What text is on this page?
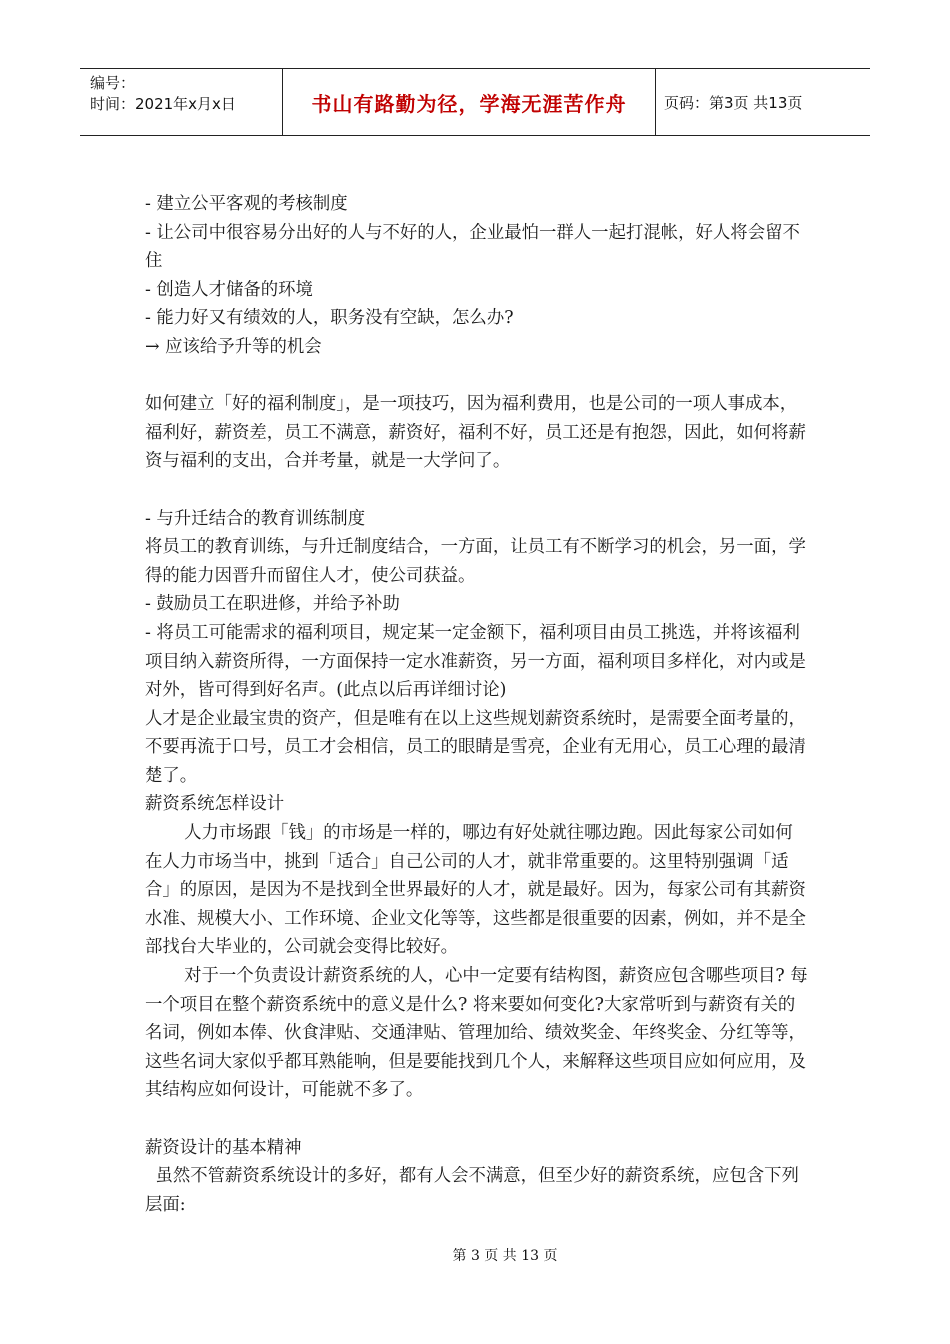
编号：
时间：2021年x月x日	书山有路勤为径，学海无涯苦作舟	页码：第3页 共13页

- 建立公平客观的考核制度

- 让公司中很容易分出好的人与不好的人，企业最怕一群人一起打混帐，好人将会留不住

- 创造人才储备的环境

- 能力好又有绩效的人，职务没有空缺，怎么办?

→ 应该给予升等的机会

如何建立「好的福利制度」，是一项技巧，因为福利费用，也是公司的一项人事成本，福利好，薪资差，员工不满意，薪资好，福利不好，员工还是有抱怨，因此，如何将薪资与福利的支出，合并考量，就是一大学问了。

- 与升迁结合的教育训练制度

将员工的教育训练，与升迁制度结合，一方面，让员工有不断学习的机会，另一面，学得的能力因晋升而留住人才，使公司获益。

- 鼓励员工在职进修，并给予补助

- 将员工可能需求的福利项目，规定某一定金额下，福利项目由员工挑选，并将该福利项目纳入薪资所得，一方面保持一定水准薪资，另一方面，福利项目多样化，对内或是对外，皆可得到好名声。(此点以后再详细讨论)

人才是企业最宝贵的资产，但是唯有在以上这些规划薪资系统时，是需要全面考量的，不要再流于口号，员工才会相信，员工的眼睛是雪亮，企业有无用心，员工心理的最清楚了。

薪资系统怎样设计

人力市场跟「钱」的市场是一样的，哪边有好处就往哪边跑。因此每家公司如何在人力市场当中，挑到「适合」自己公司的人才，就非常重要的。这里特别强调「适合」的原因，是因为不是找到全世界最好的人才，就是最好。因为，每家公司有其薪资水准、规模大小、工作环境、企业文化等等，这些都是很重要的因素，例如，并不是全部找台大毕业的，公司就会变得比较好。

对于一个负责设计薪资系统的人，心中一定要有结构图，薪资应包含哪些项目? 每一个项目在整个薪资系统中的意义是什么? 将来要如何变化?大家常听到与薪资有关的名词，例如本俸、伙食津贴、交通津贴、管理加给、绩效奖金、年终奖金、分红等等，这些名词大家似乎都耳熟能响，但是要能找到几个人，来解释这些项目应如何应用，及其结构应如何设计，可能就不多了。

薪资设计的基本精神

虽然不管薪资系统设计的多好，都有人会不满意，但至少好的薪资系统，应包含下列层面:

第 3 页 共 13 页
